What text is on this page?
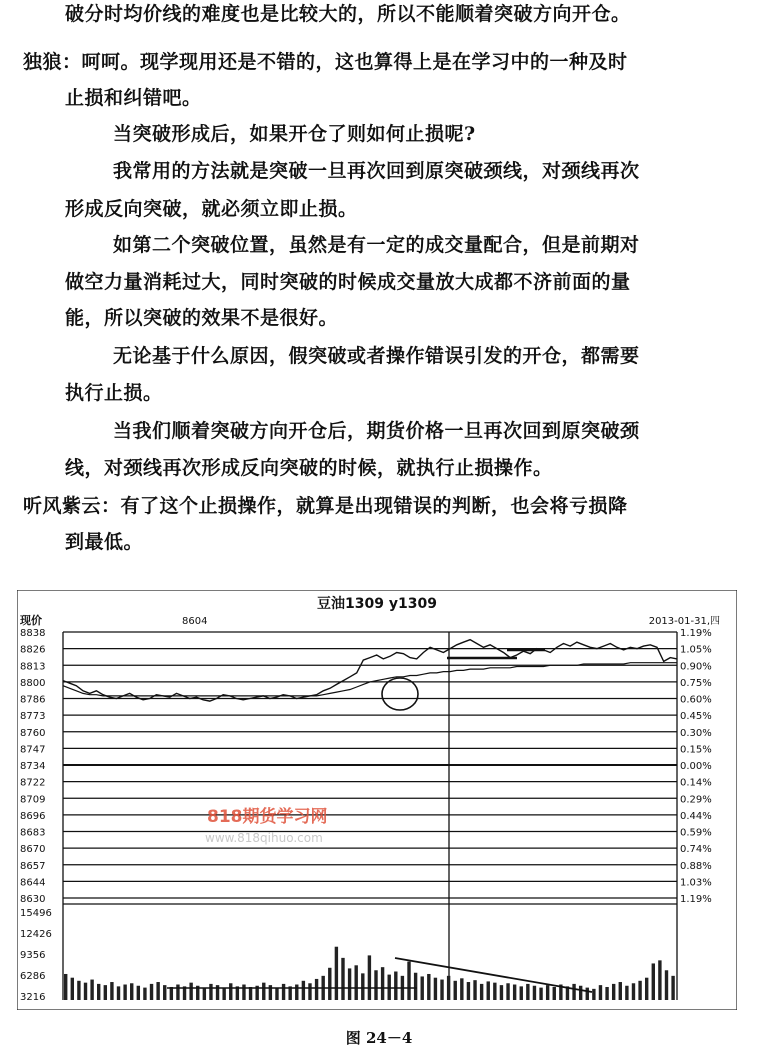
破分时均价线的难度也是比较大的，所以不能顺着突破方向开仓。
独狼：呵呵。现学现用还是不错的，这也算得上是在学习中的一种及时
止损和纠错吧。
当突破形成后，如果开仓了则如何止损呢?
我常用的方法就是突破一旦再次回到原突破颈线，对颈线再次
形成反向突破，就必须立即止损。
如第二个突破位置，虽然是有一定的成交量配合，但是前期对
做空力量消耗过大，同时突破的时候成交量放大成都不济前面的量
能，所以突破的效果不是很好。
无论基于什么原因，假突破或者操作错误引发的开仓，都需要
执行止损。
当我们顺着突破方向开仓后，期货价格一旦再次回到原突破颈
线，对颈线再次形成反向突破的时候，就执行止损操作。
听风紫云：有了这个止损操作，就算是出现错误的判断，也会将亏损降
到最低。
豆油1309 y1309
现价	8604	2013-01-31,四
8838
8826
8813
8800
8786
8773
8760
8747
8734
8722
8709
8696
8683
8670
8657
8644
8630
1.19%
1.05%
0.90%
0.75%
0.60%
0.45%
0.30%
0.15%
0.00%
0.14%
0.29%
0.44%
0.59%
0.74%
0.88%
1.03%
1.19%
15496
12426
9356
6286
3216
818期货学习网
www.818qihuo.com
图 24－4
